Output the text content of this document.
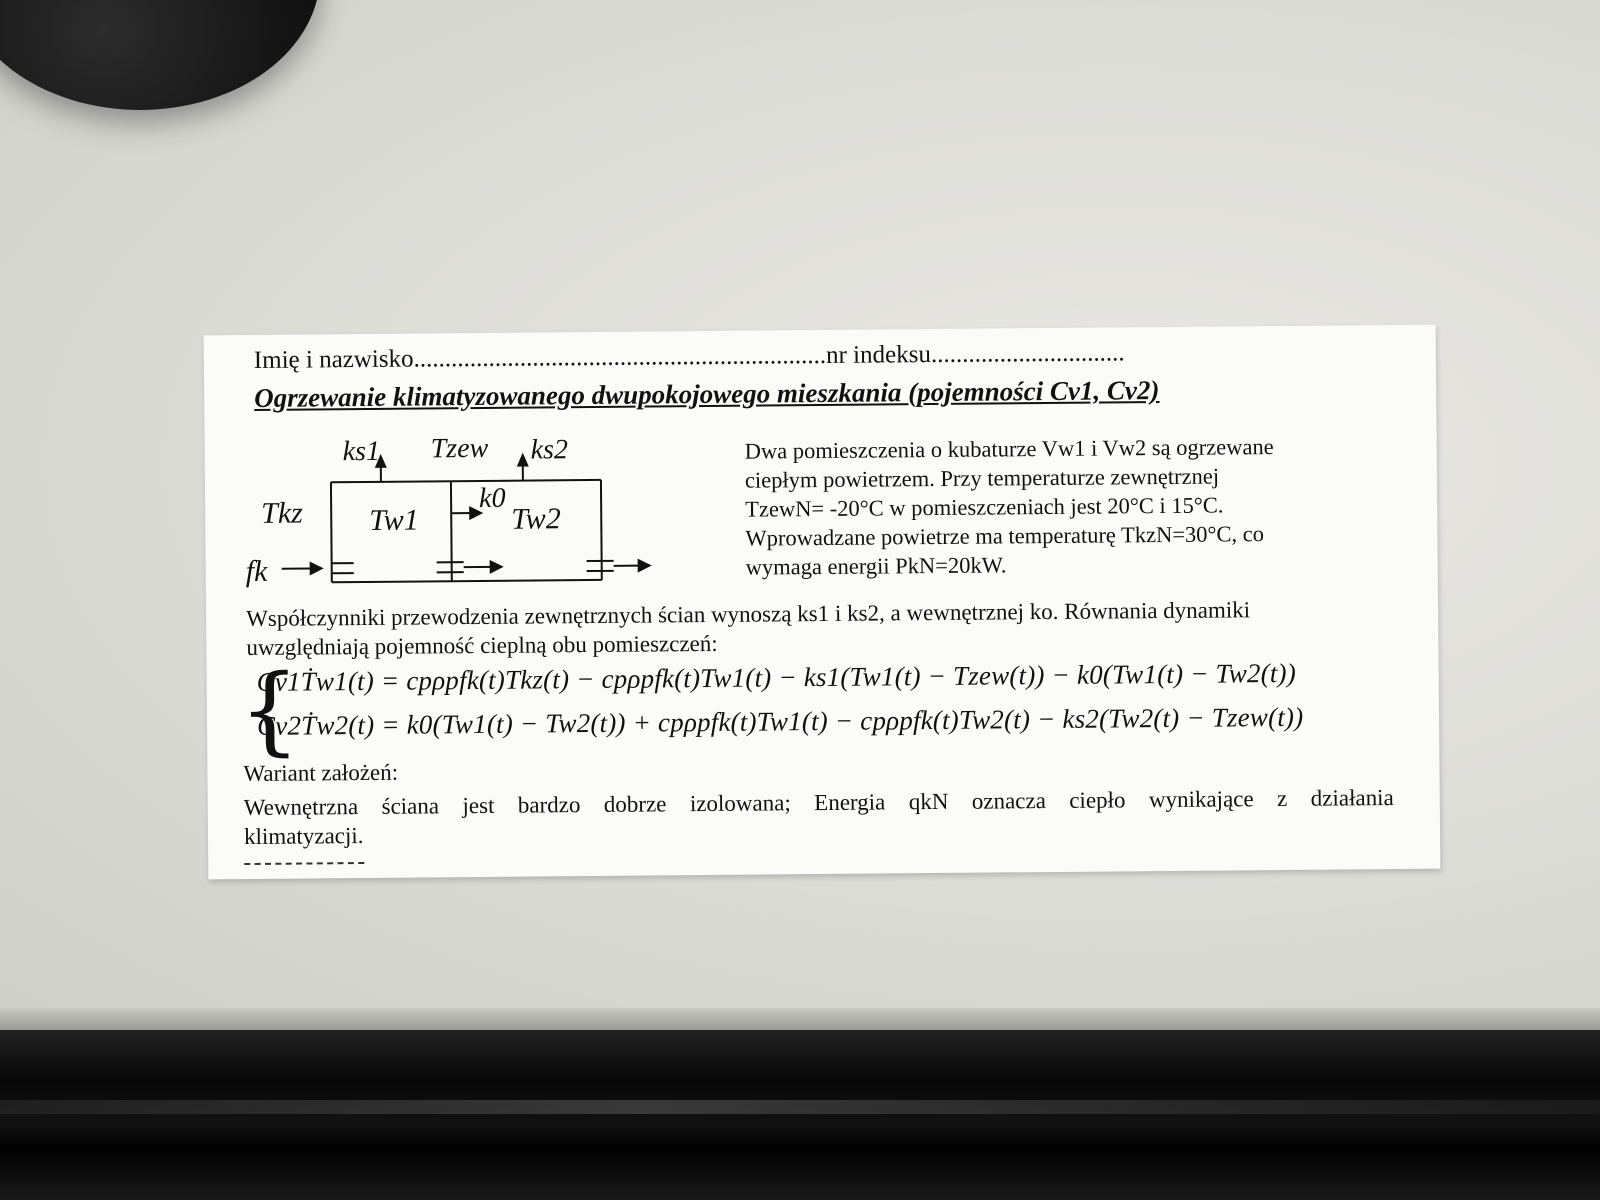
Imię i nazwisko..................................................................nr indeksu...............................
Ogrzewanie klimatyzowanego dwupokojowego mieszkania (pojemności Cv1, Cv2)
ks1 Tzew ks2
Tkz Tw1
k0
Tw2
fk
Dwa pomieszczenia o kubaturze Vw1 i Vw2 są ogrzewane
ciepłym powietrzem. Przy temperaturze zewnętrznej
TzewN= -20°C w pomieszczeniach jest 20°C i 15°C.
Wprowadzane powietrze ma temperaturę TkzN=30°C, co
wymaga energii PkN=20kW.
Współczynniki przewodzenia zewnętrznych ścian wynoszą ks1 i ks2, a wewnętrznej ko. Równania dynamiki
uwzględniają pojemność cieplną obu pomieszczeń:
{
Cv1Ṫw1(t) = cpρpfk(t)Tkz(t) − cpρpfk(t)Tw1(t) − ks1(Tw1(t) − Tzew(t)) − k0(Tw1(t) − Tw2(t))
Cv2Ṫw2(t) = k0(Tw1(t) − Tw2(t)) + cpρpfk(t)Tw1(t) − cpρpfk(t)Tw2(t) − ks2(Tw2(t) − Tzew(t))
Wariant założeń:
Wewnętrzna ściana jest bardzo dobrze izolowana; Energia qkN oznacza ciepło wynikające z działania
klimatyzacji.
